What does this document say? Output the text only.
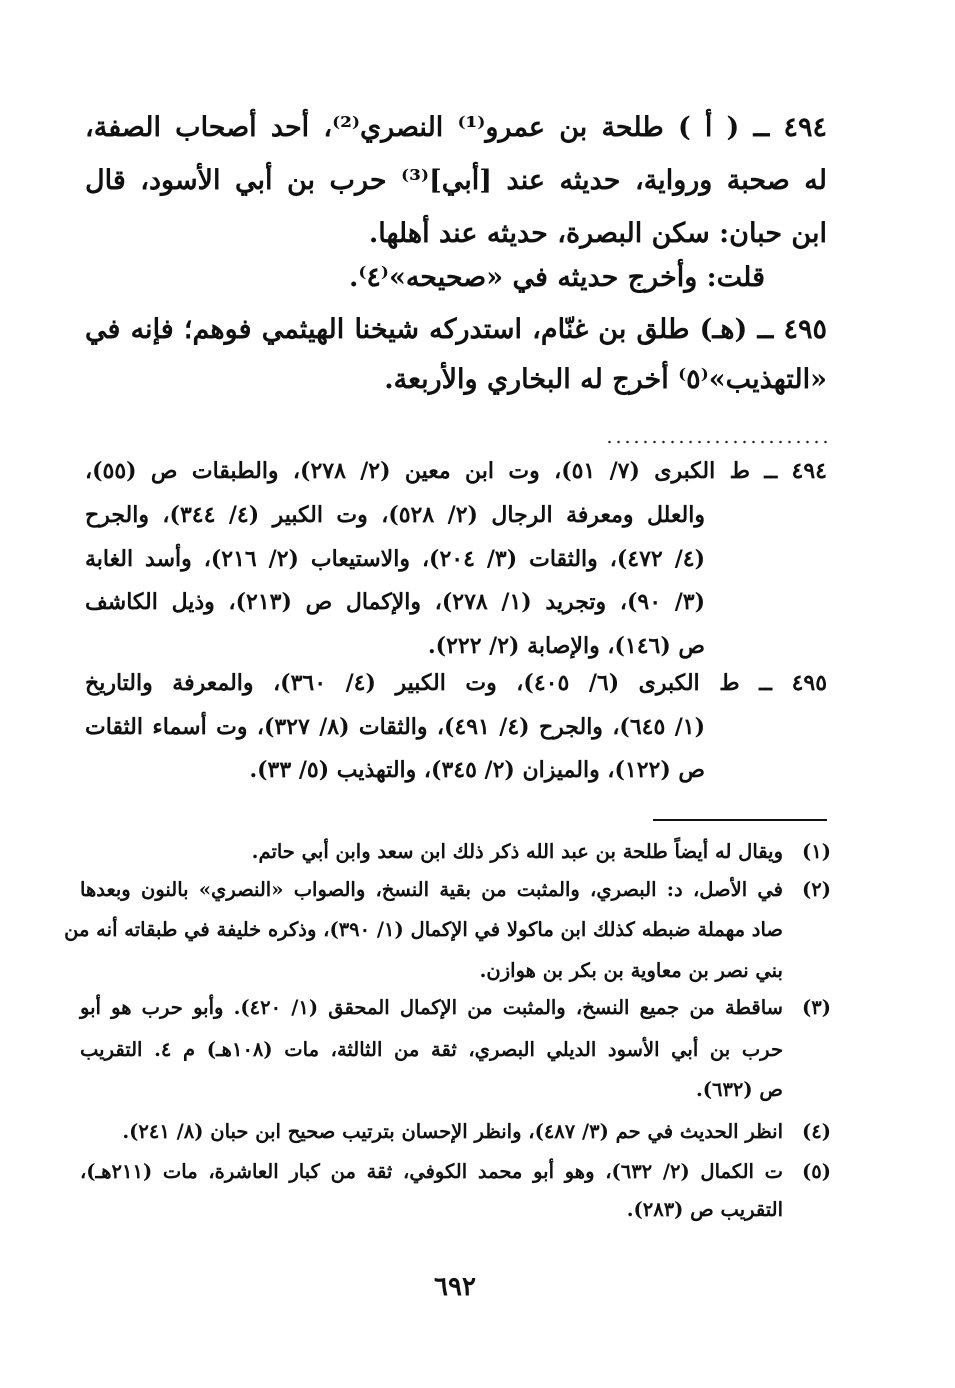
٤٩٤ ــ ( أ ) طلحة بن عمرو⁽¹⁾ النصري⁽²⁾، أحد أصحاب الصفة،
له صحبة ورواية، حديثه عند [أبي]⁽³⁾ حرب بن أبي الأسود، قال
ابن حبان: سكن البصرة، حديثه عند أهلها.
قلت: وأخرج حديثه في «صحيحه»⁽٤⁾.
٤٩٥ ــ (هـ) طلق بن غنّام، استدركه شيخنا الهيثمي فوهم؛ فإنه في
«التهذيب»⁽٥⁾ أخرج له البخاري والأربعة.
٤٩٤ ــ ط الكبرى (٧/ ٥١)، وت ابن معين (٢/ ٢٧٨)، والطبقات ص (٥٥)،
والعلل ومعرفة الرجال (٢/ ٥٢٨)، وت الكبير (٤/ ٣٤٤)، والجرح
(٤/ ٤٧٢)، والثقات (٣/ ٢٠٤)، والاستيعاب (٢/ ٢١٦)، وأسد الغابة
(٣/ ٩٠)، وتجريد (١/ ٢٧٨)، والإكمال ص (٢١٣)، وذيل الكاشف
ص (١٤٦)، والإصابة (٢/ ٢٢٢).
٤٩٥ ــ ط الكبرى (٦/ ٤٠٥)، وت الكبير (٤/ ٣٦٠)، والمعرفة والتاريخ
(١/ ٦٤٥)، والجرح (٤/ ٤٩١)، والثقات (٨/ ٣٢٧)، وت أسماء الثقات
ص (١٢٢)، والميزان (٢/ ٣٤٥)، والتهذيب (٥/ ٣٣).
(١)
ويقال له أيضاً طلحة بن عبد الله ذكر ذلك ابن سعد وابن أبي حاتم.
(٢)
في الأصل، د: البصري، والمثبت من بقية النسخ، والصواب «النصري» بالنون وبعدها
صاد مهملة ضبطه كذلك ابن ماكولا في الإكمال (١/ ٣٩٠)، وذكره خليفة في طبقاته أنه من
بني نصر بن معاوية بن بكر بن هوازن.
(٣)
ساقطة من جميع النسخ، والمثبت من الإكمال المحقق (١/ ٤٢٠). وأبو حرب هو أبو
حرب بن أبي الأسود الديلي البصري، ثقة من الثالثة، مات (١٠٨هـ) م ٤. التقريب
ص (٦٣٢).
(٤)
انظر الحديث في حم (٣/ ٤٨٧)، وانظر الإحسان بترتيب صحيح ابن حبان (٨/ ٢٤١).
(٥)
ت الكمال (٢/ ٦٣٢)، وهو أبو محمد الكوفي، ثقة من كبار العاشرة، مات (٢١١هـ)،
التقريب ص (٢٨٣).
٦٩٢
